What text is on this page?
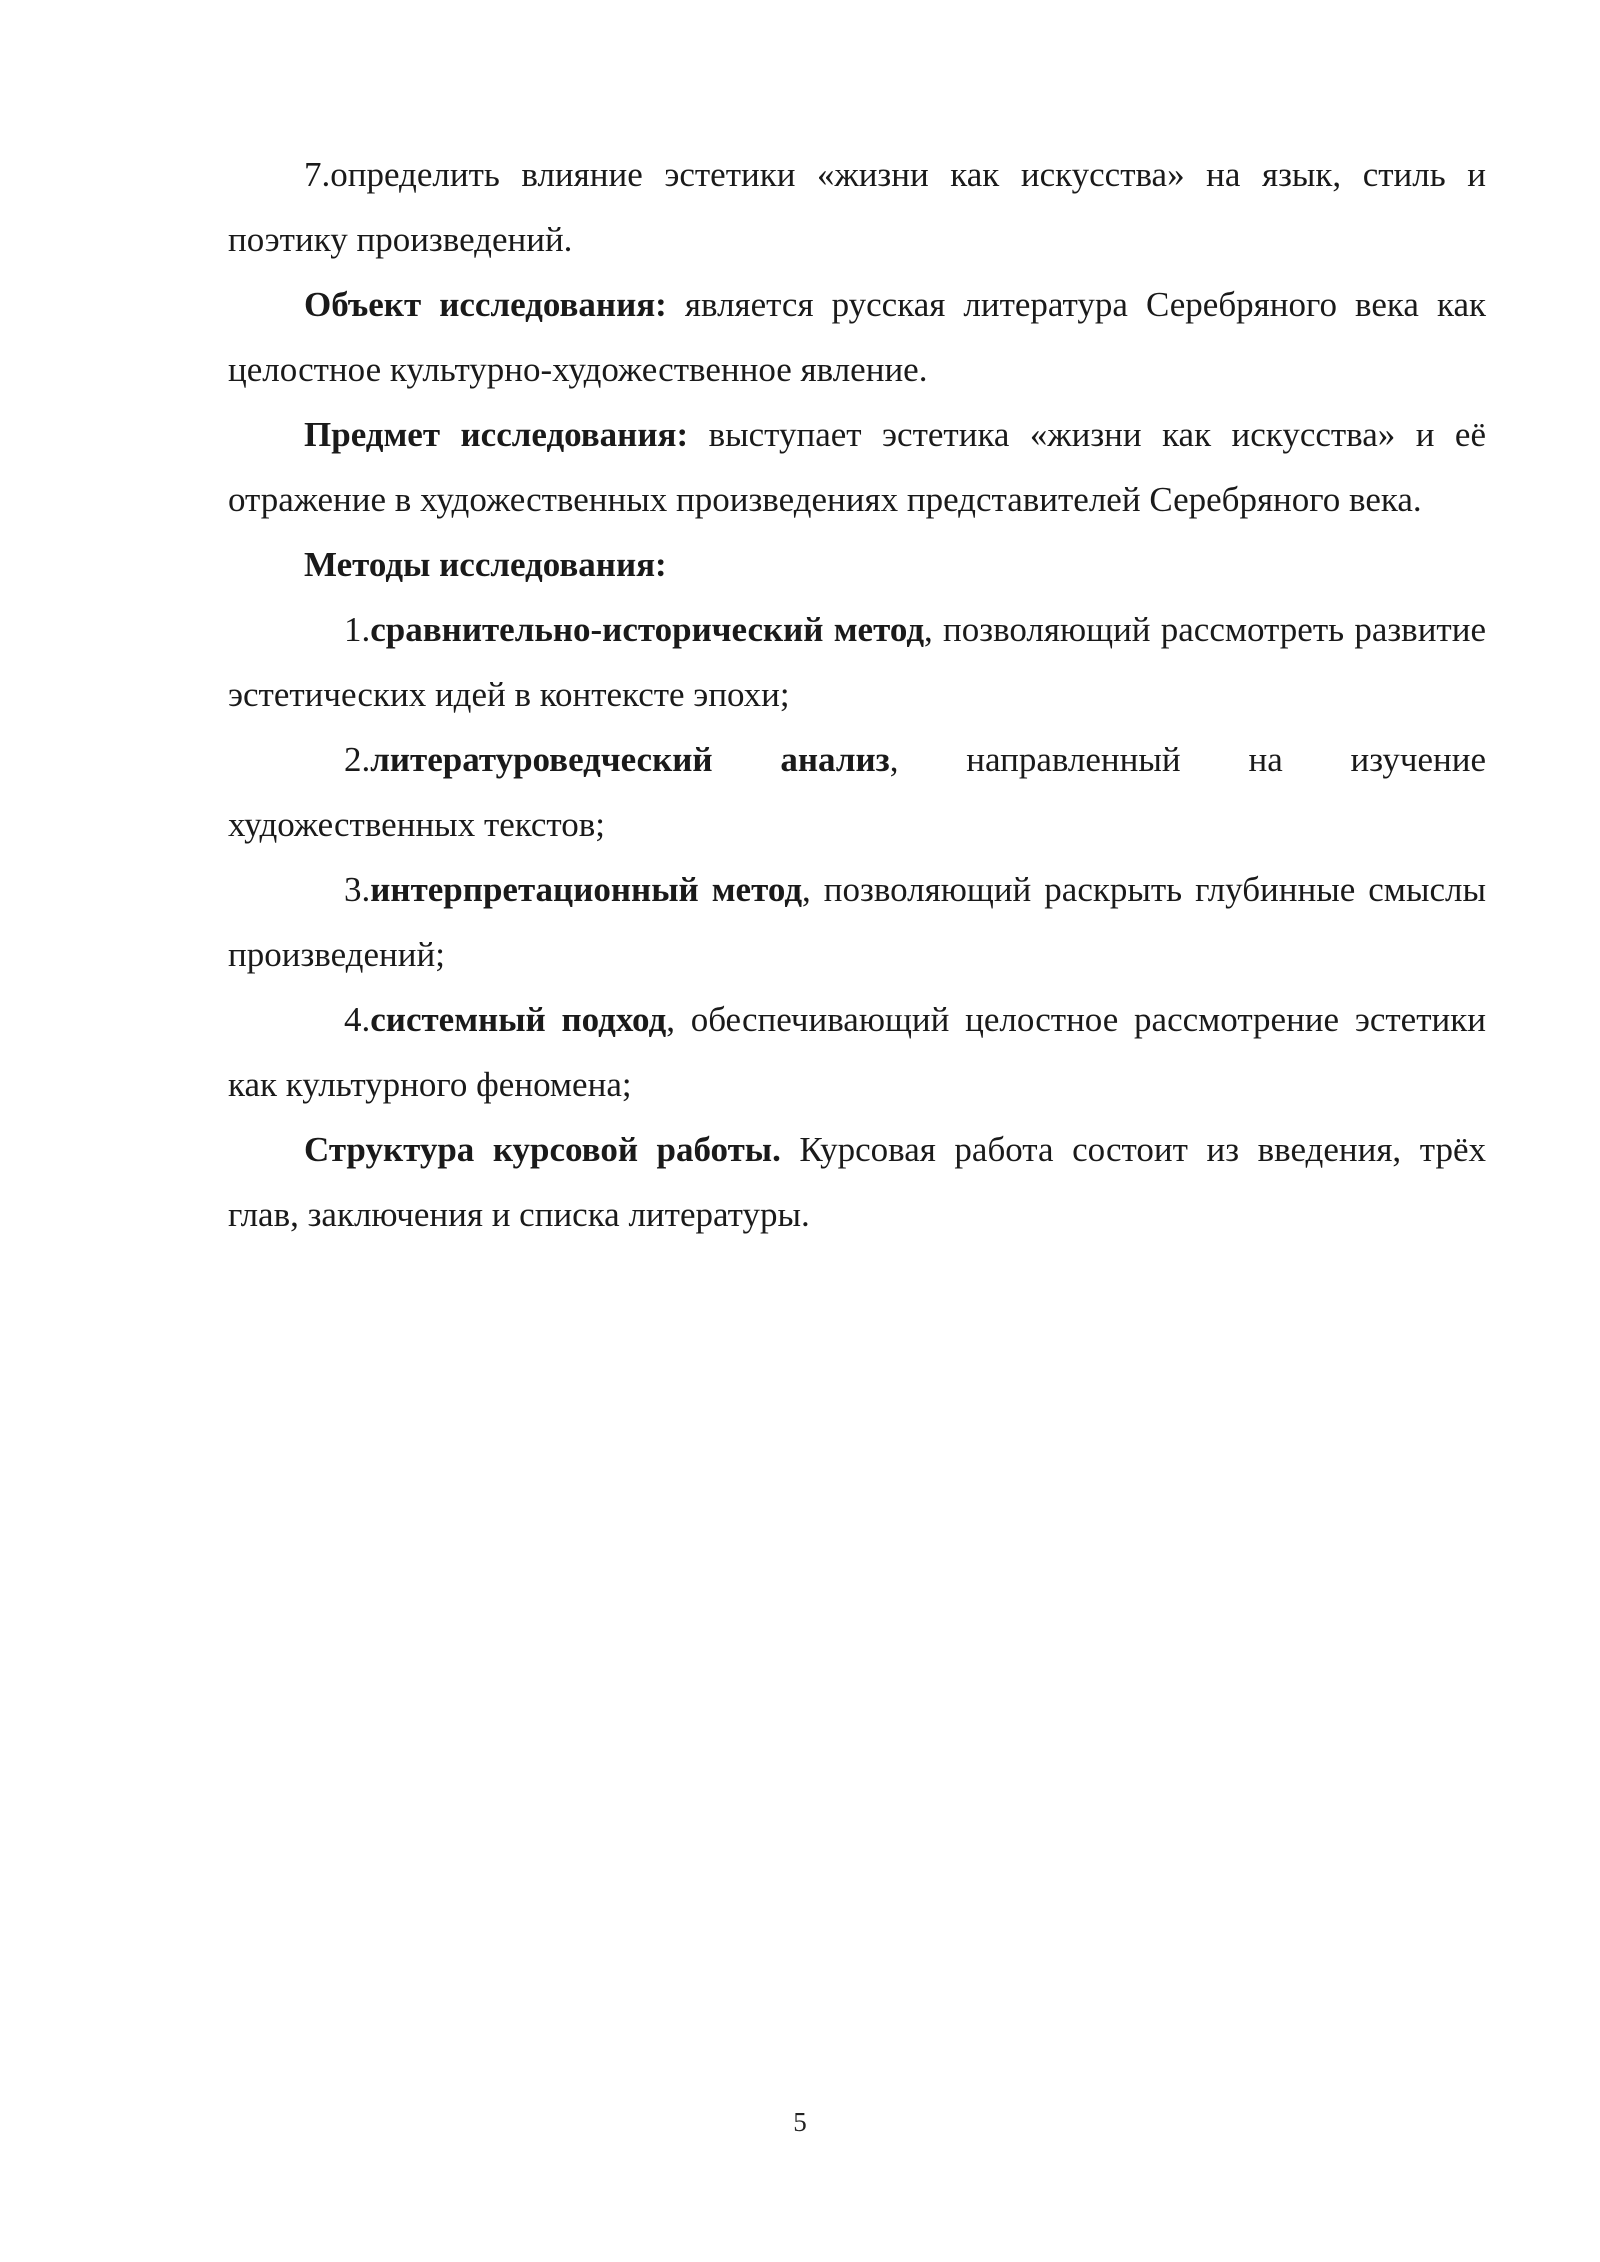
7.определить влияние эстетики «жизни как искусства» на язык, стиль и поэтику произведений.

Объект исследования: является русская литература Серебряного века как целостное культурно-художественное явление.

Предмет исследования: выступает эстетика «жизни как искусства» и её отражение в художественных произведениях представителей Серебряного века.

Методы исследования:

1.сравнительно-исторический метод, позволяющий рассмотреть развитие эстетических идей в контексте эпохи;

2.литературоведческий анализ, направленный на изучение художественных текстов;

3.интерпретационный метод, позволяющий раскрыть глубинные смыслы произведений;

4.системный подход, обеспечивающий целостное рассмотрение эстетики как культурного феномена;

Структура курсовой работы. Курсовая работа состоит из введения, трёх глав, заключения и списка литературы.

5
